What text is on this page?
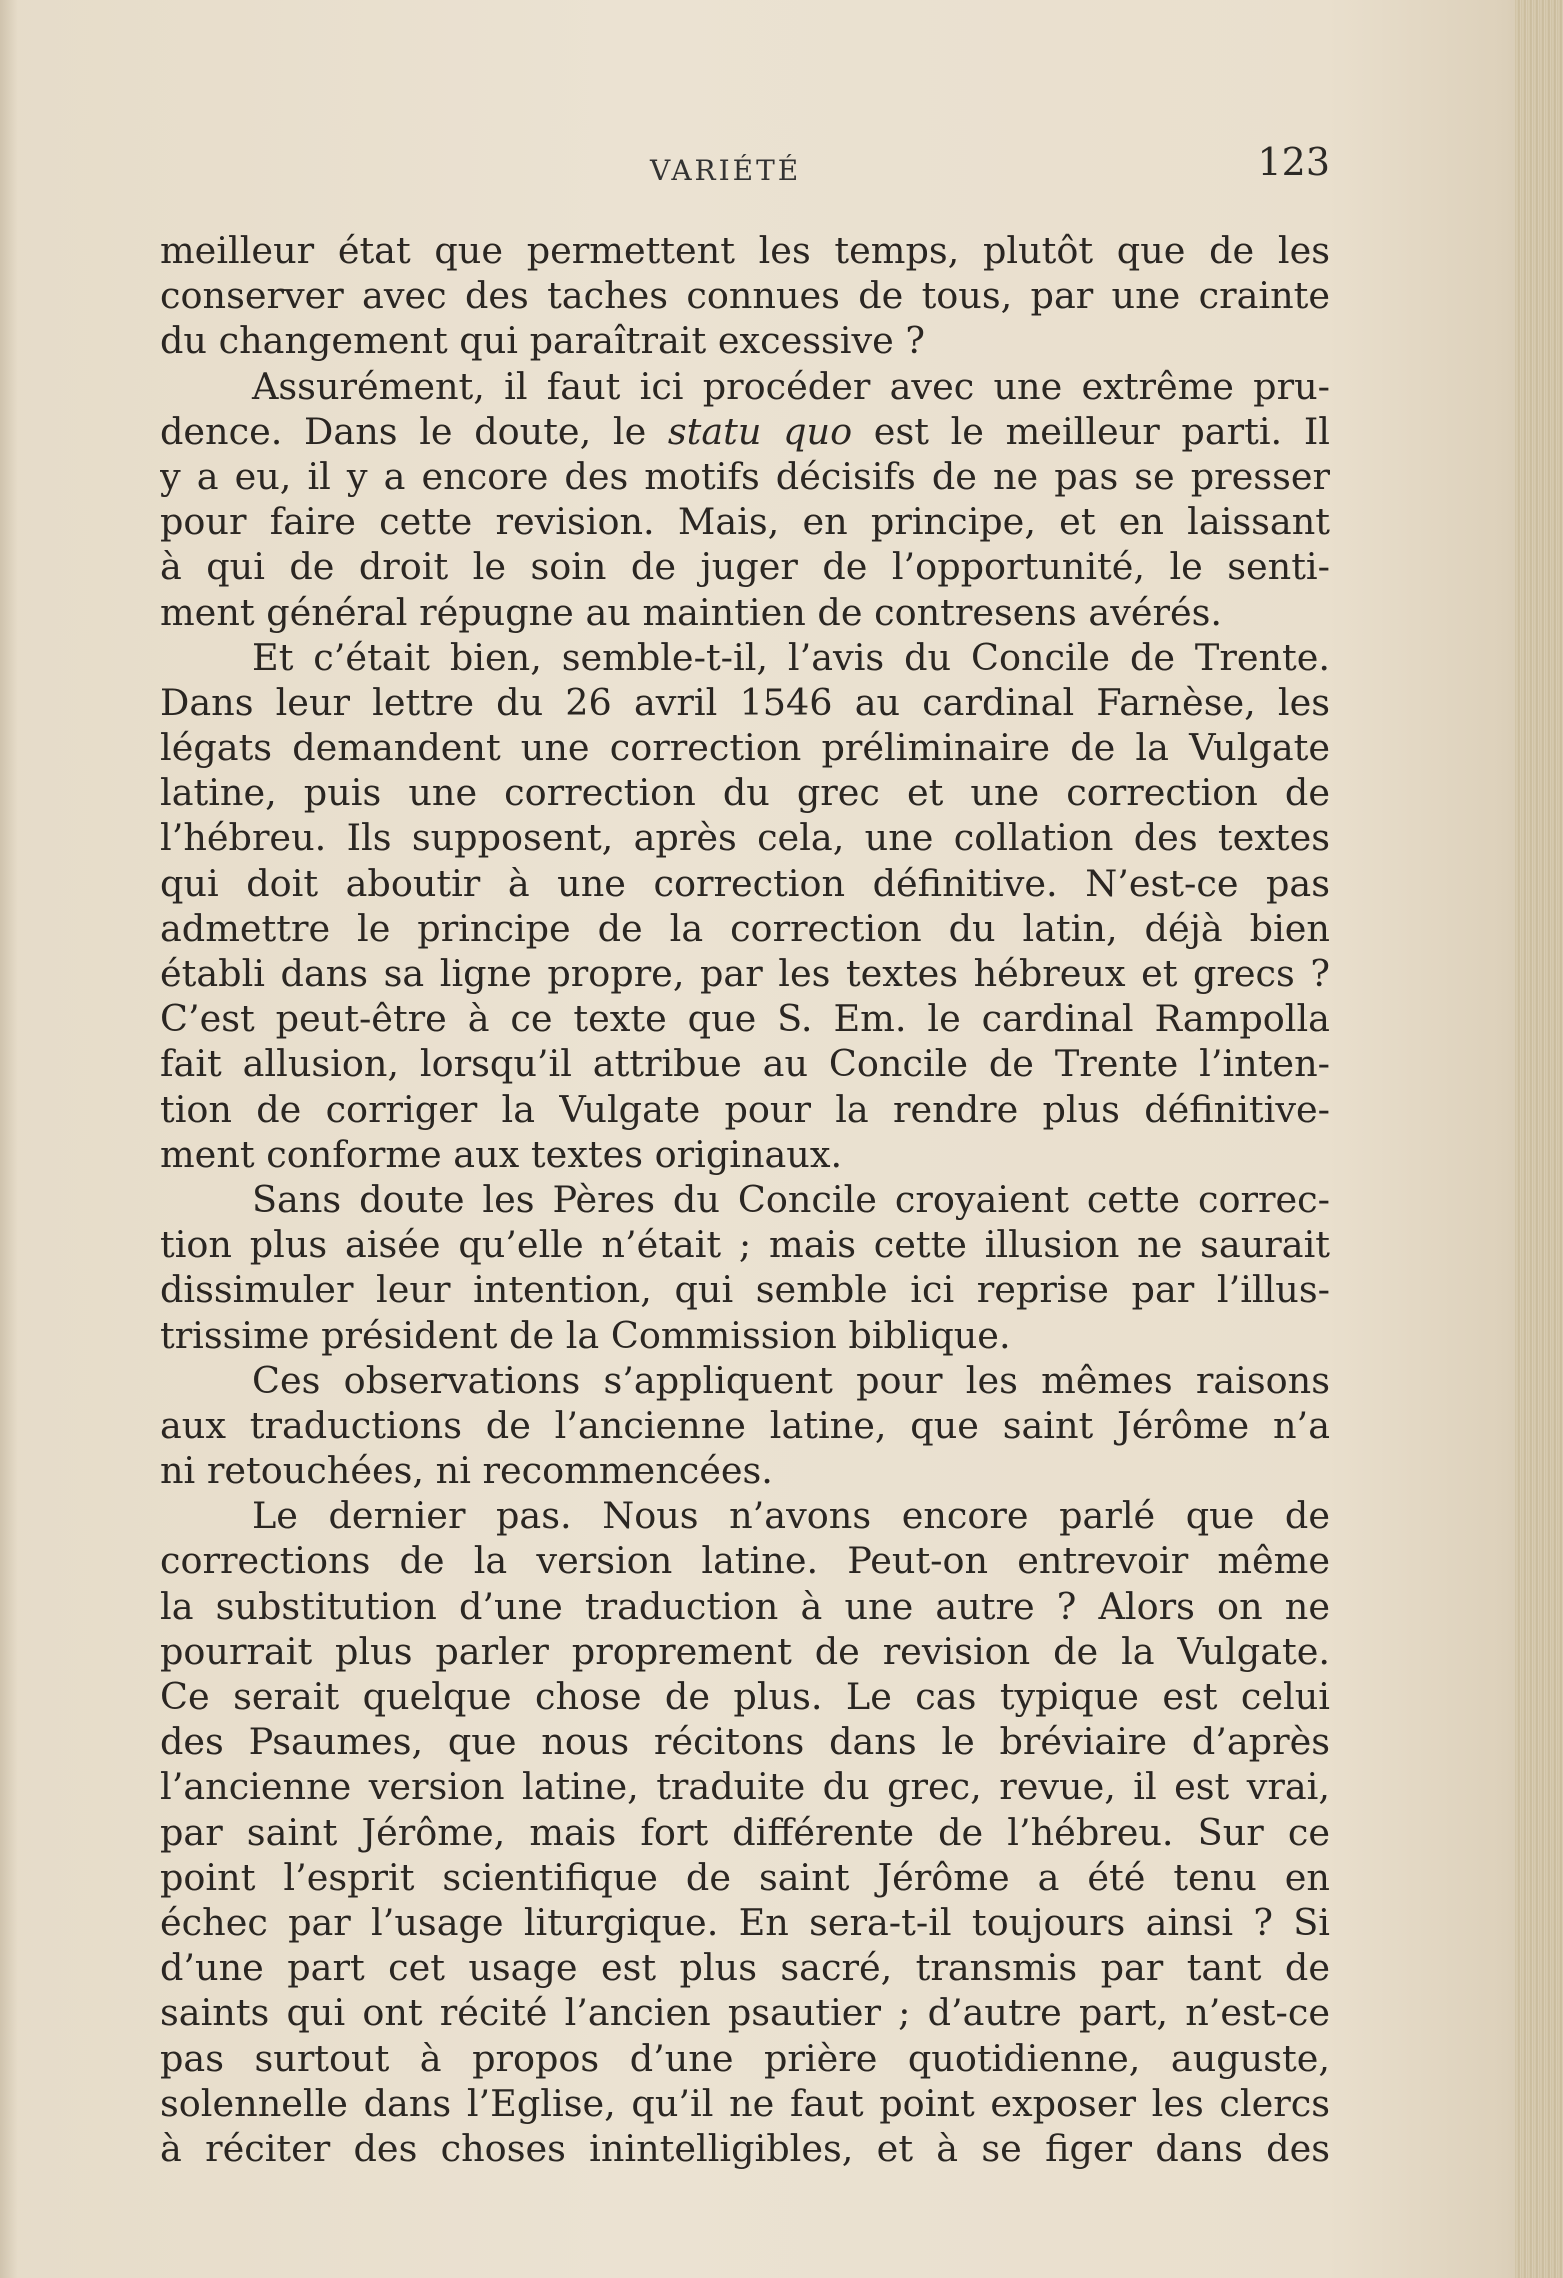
VARIÉTÉ	123
meilleur état que permettent les temps, plutôt que de les
conserver avec des taches connues de tous, par une crainte
du changement qui paraîtrait excessive ?
Assurément, il faut ici procéder avec une extrême pru-
dence. Dans le doute, le statu quo est le meilleur parti. Il
y a eu, il y a encore des motifs décisifs de ne pas se presser
pour faire cette revision. Mais, en principe, et en laissant
à qui de droit le soin de juger de l’opportunité, le senti-
ment général répugne au maintien de contresens avérés.
Et c’était bien, semble-t-il, l’avis du Concile de Trente.
Dans leur lettre du 26 avril 1546 au cardinal Farnèse, les
légats demandent une correction préliminaire de la Vulgate
latine, puis une correction du grec et une correction de
l’hébreu. Ils supposent, après cela, une collation des textes
qui doit aboutir à une correction définitive. N’est-ce pas
admettre le principe de la correction du latin, déjà bien
établi dans sa ligne propre, par les textes hébreux et grecs ?
C’est peut-être à ce texte que S. Em. le cardinal Rampolla
fait allusion, lorsqu’il attribue au Concile de Trente l’inten-
tion de corriger la Vulgate pour la rendre plus définitive-
ment conforme aux textes originaux.
Sans doute les Pères du Concile croyaient cette correc-
tion plus aisée qu’elle n’était ; mais cette illusion ne saurait
dissimuler leur intention, qui semble ici reprise par l’illus-
trissime président de la Commission biblique.
Ces observations s’appliquent pour les mêmes raisons
aux traductions de l’ancienne latine, que saint Jérôme n’a
ni retouchées, ni recommencées.
Le dernier pas. Nous n’avons encore parlé que de
corrections de la version latine. Peut-on entrevoir même
la substitution d’une traduction à une autre ? Alors on ne
pourrait plus parler proprement de revision de la Vulgate.
Ce serait quelque chose de plus. Le cas typique est celui
des Psaumes, que nous récitons dans le bréviaire d’après
l’ancienne version latine, traduite du grec, revue, il est vrai,
par saint Jérôme, mais fort différente de l’hébreu. Sur ce
point l’esprit scientifique de saint Jérôme a été tenu en
échec par l’usage liturgique. En sera-t-il toujours ainsi ? Si
d’une part cet usage est plus sacré, transmis par tant de
saints qui ont récité l’ancien psautier ; d’autre part, n’est-ce
pas surtout à propos d’une prière quotidienne, auguste,
solennelle dans l’Eglise, qu’il ne faut point exposer les clercs
à réciter des choses inintelligibles, et à se figer dans des
